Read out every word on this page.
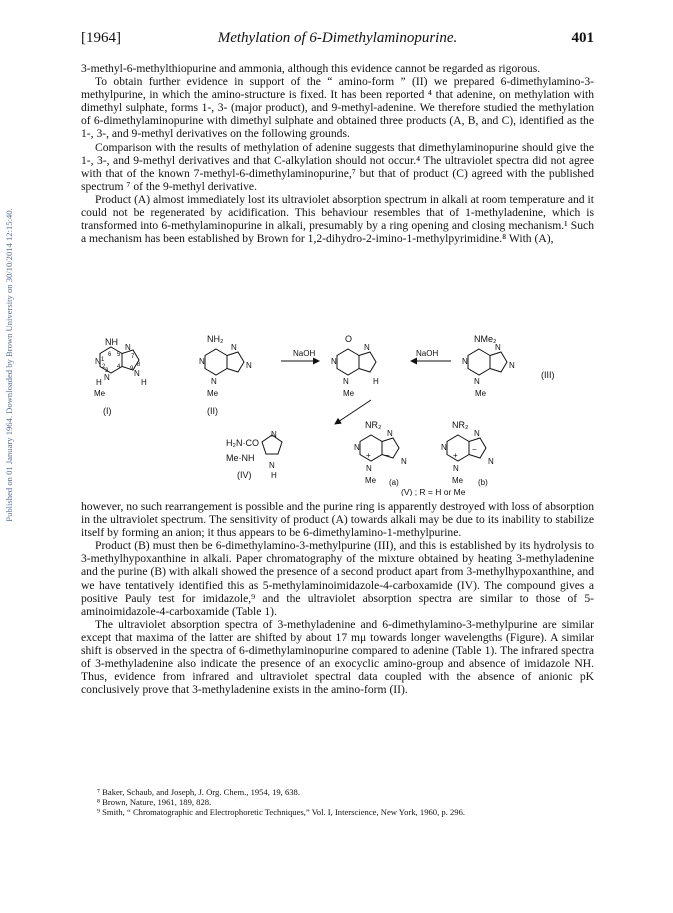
Published on 01 January 1964. Downloaded by Brown University on 30/10/2014 12:15:40.
[1964]	Methylation of 6-Dimethylaminopurine.	401

3-methyl-6-methylthiopurine and ammonia, although this evidence cannot be regarded as rigorous.

To obtain further evidence in support of the “ amino-form ” (II) we prepared 6-dimethylamino-3-methylpurine, in which the amino-structure is fixed. It has been reported ⁴ that adenine, on methylation with dimethyl sulphate, forms 1-, 3- (major product), and 9-methyl-adenine. We therefore studied the methylation of 6-dimethylaminopurine with dimethyl sulphate and obtained three products (A, B, and C), identified as the 1-, 3-, and 9-methyl derivatives on the following grounds.

Comparison with the results of methylation of adenine suggests that dimethylaminopurine should give the 1-, 3-, and 9-methyl derivatives and that C-alkylation should not occur.⁴ The ultraviolet spectra did not agree with that of the known 7-methyl-6-dimethylaminopurine,⁷ but that of product (C) agreed with the published spectrum ⁷ of the 9-methyl derivative.

Product (A) almost immediately lost its ultraviolet absorption spectrum in alkali at room temperature and it could not be regenerated by acidification. This behaviour resembles that of 1-methyladenine, which is transformed into 6-methylaminopurine in alkali, presumably by a ring opening and closing mechanism.¹ Such a mechanism has been established by Brown for 1,2-dihydro-2-imino-1-methylpyrimidine.⁸ With (A),

NH
H	H
N
N
N
N
Me
6 5 7
2
3
4 9
1
8
(I)
NH₂
N
N
N
N
Me
(II)
NaOH
O
N
N
N
H
Me
NaOH
NMe₂
N
N
N
N
Me
(III)
H₂N·CO
Me·NH
N
N
H
(IV)
NR₂
N
N
N
N
+ −
Me (a)
NR₂
N
N
N
N
+
−
Me (b)
(V) ; R = H or Me

however, no such rearrangement is possible and the purine ring is apparently destroyed with loss of absorption in the ultraviolet spectrum. The sensitivity of product (A) towards alkali may be due to its inability to stabilize itself by forming an anion; it thus appears to be 6-dimethylamino-1-methylpurine.

Product (B) must then be 6-dimethylamino-3-methylpurine (III), and this is established by its hydrolysis to 3-methylhypoxanthine in alkali. Paper chromatography of the mixture obtained by heating 3-methyladenine and the purine (B) with alkali showed the presence of a second product apart from 3-methylhypoxanthine, and we have tentatively identified this as 5-methylaminoimidazole-4-carboxamide (IV). The compound gives a positive Pauly test for imidazole,⁹ and the ultraviolet absorption spectra are similar to those of 5-aminoimidazole-4-carboxamide (Table 1).

The ultraviolet absorption spectra of 3-methyladenine and 6-dimethylamino-3-methylpurine are similar except that maxima of the latter are shifted by about 17 mμ towards longer wavelengths (Figure). A similar shift is observed in the spectra of 6-dimethylaminopurine compared to adenine (Table 1). The infrared spectra of 3-methyladenine also indicate the presence of an exocyclic amino-group and absence of imidazole NH. Thus, evidence from infrared and ultraviolet spectral data coupled with the absence of anionic pK conclusively prove that 3-methyladenine exists in the amino-form (II).

⁷ Baker, Schaub, and Joseph, J. Org. Chem., 1954, 19, 638.

⁸ Brown, Nature, 1961, 189, 828.

⁹ Smith, “ Chromatographic and Electrophoretic Techniques,” Vol. I, Interscience, New York, 1960, p. 296.
